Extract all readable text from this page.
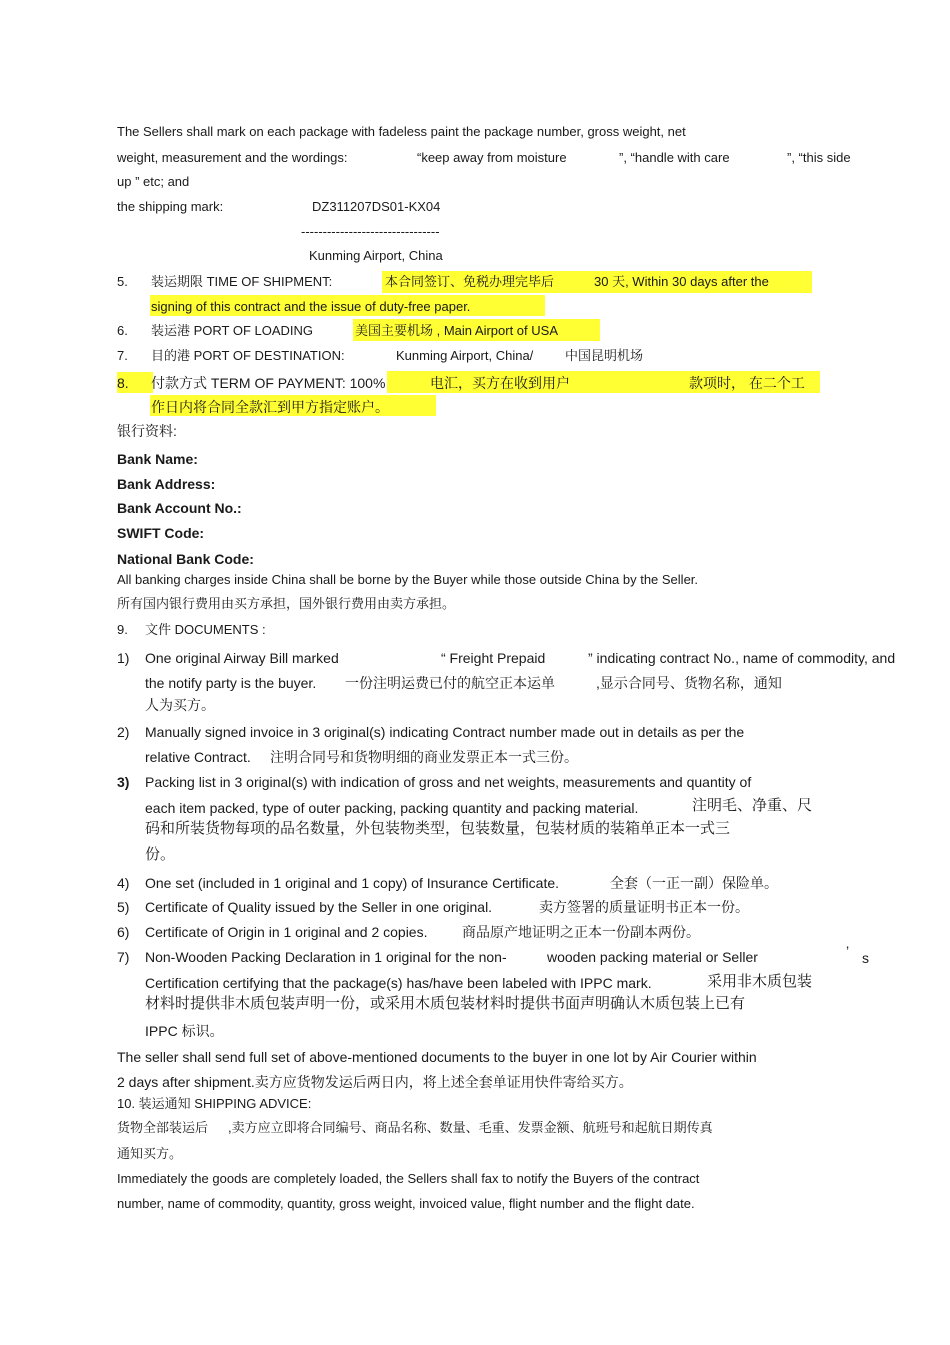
The Sellers shall mark on each package with fadeless paint the package number, gross weight, net
weight, measurement and the wordings:	“keep away from moisture	”, “handle with care	”, “this side
up ” etc; and
the shipping mark:	DZ311207DS01-KX04
--------------------------------
Kunming Airport, China
5. 装运期限 TIME OF SHIPMENT:	本合同签订、免税办理完毕后	30 天, Within 30 days after the
signing of this contract and the issue of duty-free paper.
6. 装运港 PORT OF LOADING	美国主要机场 , Main Airport of USA
7. 目的港 PORT OF DESTINATION:	Kunming Airport, China/ 中国昆明机场
8. 付款方式 TERM OF PAYMENT: 100%	电汇，买方在收到用户	款项时， 在二个工
作日内将合同全款汇到甲方指定账户。
银行资料:
Bank Name:
Bank Address:
Bank Account No.:
SWIFT Code:
National Bank Code:
All banking charges inside China shall be borne by the Buyer while those outside China by the Seller.
所有国内银行费用由买方承担，国外银行费用由卖方承担。
9. 文件 DOCUMENTS :
1) One original Airway Bill marked	“ Freight Prepaid	” indicating contract No., name of commodity, and
the notify party is the buyer. 一份注明运费已付的航空正本运单	,显示合同号、货物名称，通知
人为买方。
2) Manually signed invoice in 3 original(s) indicating Contract number made out in details as per the
relative Contract. 注明合同号和货物明细的商业发票正本一式三份。
3) Packing list in 3 original(s) with indication of gross and net weights, measurements and quantity of
each item packed, type of outer packing, packing quantity and packing material.	注明毛、净重、尺
码和所装货物每项的品名数量，外包装物类型，包装数量，包装材质的装箱单正本一式三
份。
4) One set (included in 1 original and 1 copy) of Insurance Certificate.	全套（一正一副）保险单。
5) Certificate of Quality issued by the Seller in one original.	卖方签署的质量证明书正本一份。
6) Certificate of Origin in 1 original and 2 copies. 商品原产地证明之正本一份副本两份。
7) Non-Wooden Packing Declaration in 1 original for the non-	wooden packing material or Seller	’ s
Certification certifying that the package(s) has/have been labeled with IPPC mark.	采用非木质包装
材料时提供非木质包装声明一份，或采用木质包装材料时提供书面声明确认木质包装上已有
IPPC 标识。
The seller shall send full set of above-mentioned documents to the buyer in one lot by Air Courier within
2 days after shipment.卖方应货物发运后两日内，将上述全套单证用快件寄给买方。
10. 装运通知 SHIPPING ADVICE:
货物全部装运后 ,卖方应立即将合同编号、商品名称、数量、毛重、发票金额、航班号和起航日期传真
通知买方。
Immediately the goods are completely loaded, the Sellers shall fax to notify the Buyers of the contract
number, name of commodity, quantity, gross weight, invoiced value, flight number and the flight date.
